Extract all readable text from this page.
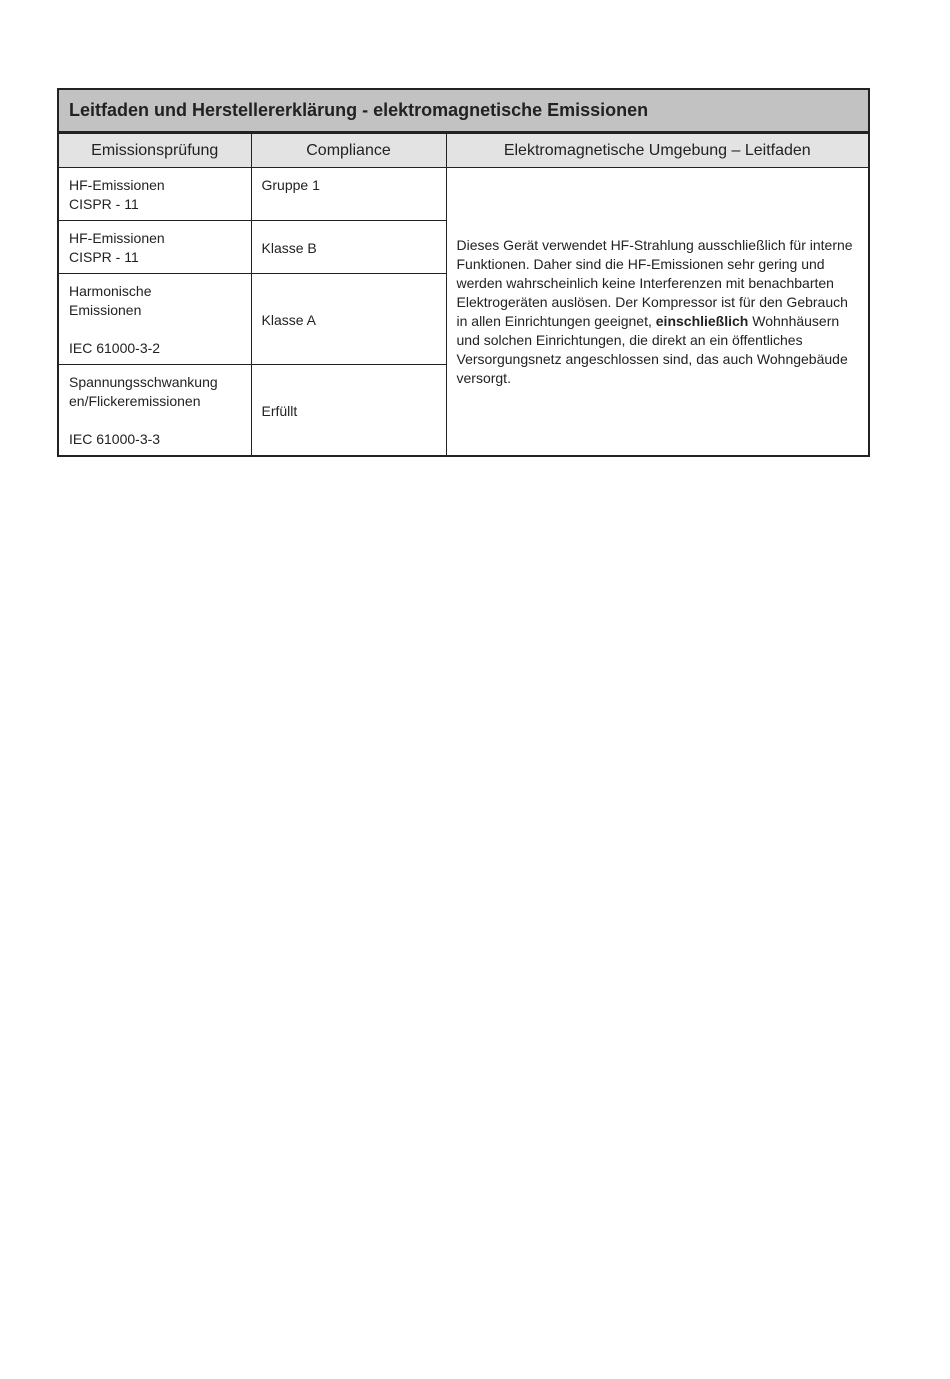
Leitfaden und Herstellererklärung - elektromagnetische Emissionen		
Emissionsprüfung	Compliance	Elektromagnetische Umgebung – Leitfaden

HF-Emissionen
CISPR - 11	Gruppe 1	Dieses Gerät verwendet HF-Strahlung ausschließlich für interne Funktionen. Daher sind die HF-Emissionen sehr gering und werden wahrscheinlich keine Interferenzen mit benachbarten Elektrogeräten auslösen. Der Kompressor ist für den Gebrauch in allen Einrichtungen geeignet, einschließlich Wohnhäusern und solchen Einrichtungen, die direkt an ein öffentliches Versorgungsnetz angeschlossen sind, das auch Wohngebäude versorgt.

HF-Emissionen
CISPR - 11	Klasse B	

Harmonische
Emissionen
IEC 61000-3-2	Klasse A	

Spannungsschwankung
en/Flickeremissionen
IEC 61000-3-3	Erfüllt	
